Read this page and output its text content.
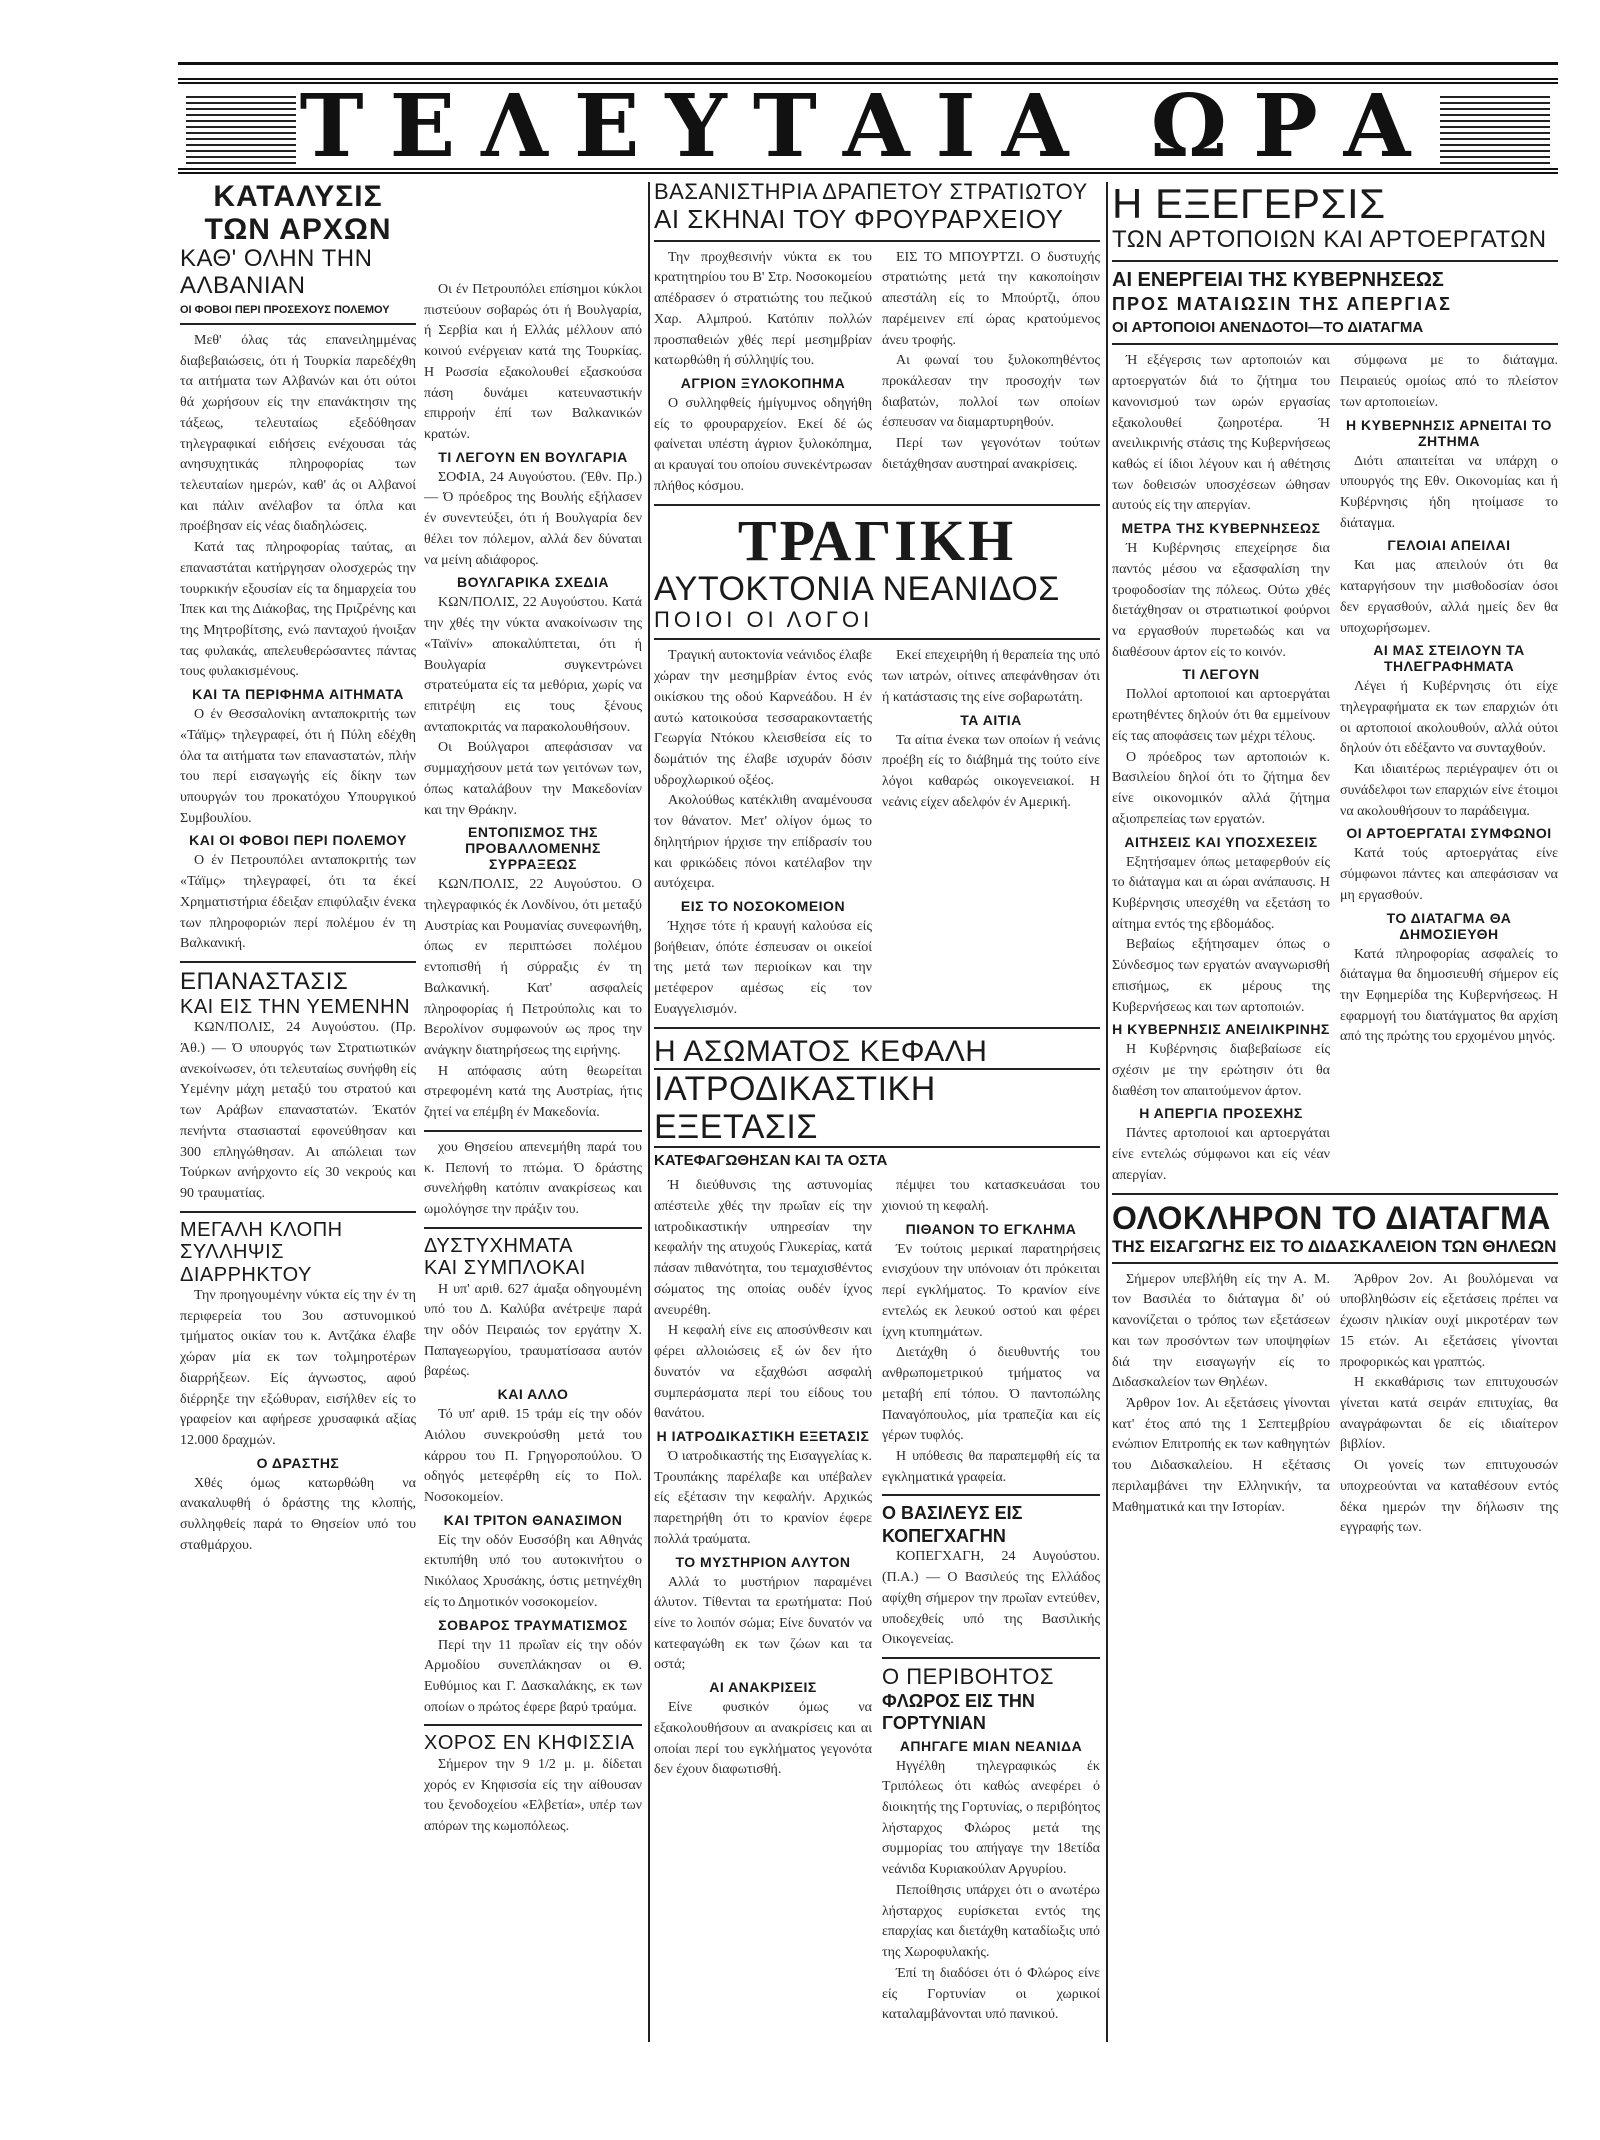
ΤΕΛΕΥΤΑΙΑ ΩΡΑ
ΚΑΤΑΛΥΣΙΣ ΤΩΝ ΑΡΧΩΝ
ΚΑΘ' ΟΛΗΝ ΤΗΝ ΑΛΒΑΝΙΑΝ
ΟΙ ΦΟΒΟΙ ΠΕΡΙ ΠΡΟΣΕΧΟΥΣ ΠΟΛΕΜΟΥ

Μεθ' όλας τάς επανειλημμένας διαβεβαιώσεις, ότι ή Τουρκία παρεδέχθη τα αιτήματα των Αλβανών και ότι ούτοι θά χωρήσουν είς την επανάκτησιν της τάξεως, τελευταίως εξεδόθησαν τηλεγραφικαί ειδήσεις ενέχουσαι τάς ανησυχητικάς πληροφορίας των τελευταίων ημερών, καθ' άς οι Αλβανοί και πάλιν ανέλαβον τα όπλα και προέβησαν είς νέας διαδηλώσεις.

Κατά τας πληροφορίας ταύτας, αι επαναστάται κατήργησαν ολοσχερώς την τουρκικήν εξουσίαν είς τα δημαρχεία του Ίπεκ και της Διάκοβας, της Πριζρένης και της Μητροβίτσης, ενώ πανταχού ήνοιξαν τας φυλακάς, απελευθερώσαντες πάντας τους φυλακισμένους.

ΚΑΙ ΤΑ ΠΕΡΙΦΗΜΑ ΑΙΤΗΜΑΤΑ

Ο έν Θεσσαλονίκη ανταποκριτής των «Τάϊμς» τηλεγραφεί, ότι ή Πύλη εδέχθη όλα τα αιτήματα των επαναστατών, πλήν του περί εισαγωγής είς δίκην των υπουργών του προκατόχου Υπουργικού Συμβουλίου.

ΚΑΙ ΟΙ ΦΟΒΟΙ ΠΕΡΙ ΠΟΛΕΜΟΥ

Ο έν Πετρουπόλει ανταποκριτής των «Τάϊμς» τηλεγραφεί, ότι τα έκεί Χρηματιστήρια έδειξαν επιφύλαξιν ένεκα των πληροφοριών περί πολέμου έν τη Βαλκανική.

ΕΠΑΝΑΣΤΑΣΙΣ
ΚΑΙ ΕΙΣ ΤΗΝ ΥΕΜΕΝΗΝ

ΚΩΝ/ΠΟΛΙΣ, 24 Αυγούστου. (Πρ. Άθ.) — Ό υπουργός των Στρατιωτικών ανεκοίνωσεν, ότι τελευταίως συνήφθη είς Υεμένην μάχη μεταξύ του στρατού και των Αράβων επαναστατών. Έκατόν πενήντα στασιασταί εφονεύθησαν και 300 επληγώθησαν. Αι απώλειαι των Τούρκων ανήρχοντο είς 30 νεκρούς και 90 τραυματίας.

ΜΕΓΑΛΗ ΚΛΟΠΗ
ΣΥΛΛΗΨΙΣ ΔΙΑΡΡΗΚΤΟΥ

Την προηγουμένην νύκτα είς την έν τη περιφερεία του 3ου αστυνομικού τμήματος οικίαν του κ. Αντζάκα έλαβε χώραν μία εκ των τολμηροτέρων διαρρήξεων. Είς άγνωστος, αφού διέρρηξε την εξώθυραν, εισήλθεν είς το γραφείον και αφήρεσε χρυσαφικά αξίας 12.000 δραχμών.

Ο ΔΡΑΣΤΗΣ

Χθές όμως κατωρθώθη να ανακαλυφθή ό δράστης της κλοπής, συλληφθείς παρά το Θησείον υπό του σταθμάρχου.

Οι έν Πετρουπόλει επίσημοι κύκλοι πιστεύουν σοβαρώς ότι ή Βουλγαρία, ή Σερβία και ή Ελλάς μέλλουν από κοινού ενέργειαν κατά της Τουρκίας. Η Ρωσσία εξακολουθεί εξασκούσα πάση δυνάμει κατευναστικήν επιρροήν έπί των Βαλκανικών κρατών.

ΤΙ ΛΕΓΟΥΝ ΕΝ ΒΟΥΛΓΑΡΙΑ

ΣΟΦΙΑ, 24 Αυγούστου. (Έθν. Πρ.) — Ό πρόεδρος της Βουλής εξήλασεν έν συνεντεύξει, ότι ή Βουλγαρία δεν θέλει τον πόλεμον, αλλά δεν δύναται να μείνη αδιάφορος.

ΒΟΥΛΓΑΡΙΚΑ ΣΧΕΔΙΑ

ΚΩΝ/ΠΟΛΙΣ, 22 Αυγούστου. Κατά την χθές την νύκτα ανακοίνωσιν της «Ταϊνίν» αποκαλύπτεται, ότι ή Βουλγαρία συγκεντρώνει στρατεύματα είς τα μεθόρια, χωρίς να επιτρέψη εις τους ξένους ανταποκριτάς να παρακολουθήσουν.

Οι Βούλγαροι απεφάσισαν να συμμαχήσουν μετά των γειτόνων των, όπως καταλάβουν την Μακεδονίαν και την Θράκην.

ΕΝΤΟΠΙΣΜΟΣ ΤΗΣ ΠΡΟΒΑΛΛΟΜΕΝΗΣ ΣΥΡΡΑΞΕΩΣ

ΚΩΝ/ΠΟΛΙΣ, 22 Αυγούστου. Ο τηλεγραφικός έκ Λονδίνου, ότι μεταξύ Αυστρίας και Ρουμανίας συνεφωνήθη, όπως εν περιπτώσει πολέμου εντοπισθή ή σύρραξις έν τη Βαλκανική. Κατ' ασφαλείς πληροφορίας ή Πετρούπολις και το Βερολίνον συμφωνούν ως προς την ανάγκην διατηρήσεως της ειρήνης.

Η απόφασις αύτη θεωρείται στρεφομένη κατά της Αυστρίας, ήτις ζητεί να επέμβη έν Μακεδονία.

χου Θησείου απενεμήθη παρά του κ. Πεπονή το πτώμα. Ό δράστης συνελήφθη κατόπιν ανακρίσεως και ωμολόγησε την πράξιν του.

ΔΥΣΤΥΧΗΜΑΤΑ
ΚΑΙ ΣΥΜΠΛΟΚΑΙ

Η υπ' αριθ. 627 άμαξα οδηγουμένη υπό του Δ. Καλύβα ανέτρεψε παρά την οδόν Πειραιώς τον εργάτην Χ. Παπαγεωργίου, τραυματίσασα αυτόν βαρέως.

ΚΑΙ ΑΛΛΟ

Τό υπ' αριθ. 15 τράμ είς την οδόν Αιόλου συνεκρούσθη μετά του κάρρου του Π. Γρηγοροπούλου. Ό οδηγός μετεφέρθη είς το Πολ. Νοσοκομείον.

ΚΑΙ ΤΡΙΤΟΝ ΘΑΝΑΣΙΜΟΝ

Είς την οδόν Ευσσόβη και Αθηνάς εκτυπήθη υπό του αυτοκινήτου ο Νικόλαος Χρυσάκης, όστις μετηνέχθη είς το Δημοτικόν νοσοκομείον.

ΣΟΒΑΡΟΣ ΤΡΑΥΜΑΤΙΣΜΟΣ

Περί την 11 πρωΐαν είς την οδόν Αρμοδίου συνεπλάκησαν οι Θ. Ευθύμιος και Γ. Δασκαλάκης, εκ των οποίων ο πρώτος έφερε βαρύ τραύμα.

ΧΟΡΟΣ ΕΝ ΚΗΦΙΣΣΙΑ

Σήμερον την 9 1/2 μ. μ. δίδεται χορός εν Κηφισσία είς την αίθουσαν του ξενοδοχείου «Ελβετία», υπέρ των απόρων της κωμοπόλεως.

ΒΑΣΑΝΙΣΤΗΡΙΑ ΔΡΑΠΕΤΟΥ ΣΤΡΑΤΙΩΤΟΥ
ΑΙ ΣΚΗΝΑΙ ΤΟΥ ΦΡΟΥΡΑΡΧΕΙΟΥ

Την προχθεσινήν νύκτα εκ του κρατητηρίου του Β' Στρ. Νοσοκομείου απέδρασεν ό στρατιώτης του πεζικού Χαρ. Αλμπρού. Κατόπιν πολλών προσπαθειών χθές περί μεσημβρίαν κατωρθώθη ή σύλληψίς του.

ΑΓΡΙΟΝ ΞΥΛΟΚΟΠΗΜΑ

Ο συλληφθείς ήμίγυμνος οδηγήθη είς το φρουραρχείον. Εκεί δέ ώς φαίνεται υπέστη άγριον ξυλοκόπημα, αι κραυγαί του οποίου συνεκέντρωσαν πλήθος κόσμου.

ΕΙΣ ΤΟ ΜΠΟΥΡΤΖΙ. Ο δυστυχής στρατιώτης μετά την κακοποίησιν απεστάλη είς το Μπούρτζι, όπου παρέμεινεν επί ώρας κρατούμενος άνευ τροφής.

Αι φωναί του ξυλοκοπηθέντος προκάλεσαν την προσοχήν των διαβατών, πολλοί των οποίων έσπευσαν να διαμαρτυρηθούν.

Περί των γεγονότων τούτων διετάχθησαν αυστηραί ανακρίσεις.

ΤΡΑΓΙΚΗ
ΑΥΤΟΚΤΟΝΙΑ ΝΕΑΝΙΔΟΣ
ΠΟΙΟΙ ΟΙ ΛΟΓΟΙ

Τραγική αυτοκτονία νεάνιδος έλαβε χώραν την μεσημβρίαν έντος ενός οικίσκου της οδού Καρνεάδου. Η έν αυτώ κατοικούσα τεσσαρακονταετής Γεωργία Ντόκου κλεισθείσα είς το δωμάτιόν της έλαβε ισχυράν δόσιν υδροχλωρικού οξέος.

Ακολούθως κατέκλιθη αναμένουσα τον θάνατον. Μετ' ολίγον όμως το δηλητήριον ήρχισε την επίδρασίν του και φρικώδεις πόνοι κατέλαβον την αυτόχειρα.

ΕΙΣ ΤΟ ΝΟΣΟΚΟΜΕΙΟΝ

Ήχησε τότε ή κραυγή καλούσα είς βοήθειαν, όπότε έσπευσαν οι οικείοί της μετά των περιοίκων και την μετέφερον αμέσως είς τον Ευαγγελισμόν.

Εκεί επεχειρήθη ή θεραπεία της υπό των ιατρών, οίτινες απεφάνθησαν ότι ή κατάστασις της είνε σοβαρωτάτη.

ΤΑ ΑΙΤΙΑ

Τα αίτια ένεκα των οποίων ή νεάνις προέβη είς το διάβημά της τούτο είνε λόγοι καθαρώς οικογενειακοί. Η νεάνις είχεν αδελφόν έν Αμερική.

Η ΑΣΩΜΑΤΟΣ ΚΕΦΑΛΗ
ΙΑΤΡΟΔΙΚΑΣΤΙΚΗ ΕΞΕΤΑΣΙΣ
ΚΑΤΕΦΑΓΩΘΗΣΑΝ ΚΑΙ ΤΑ ΟΣΤΑ

Ή διεύθυνσις της αστυνομίας απέστειλε χθές την πρωΐαν είς την ιατροδικαστικήν υπηρεσίαν την κεφαλήν της ατυχούς Γλυκερίας, κατά πάσαν πιθανότητα, του τεμαχισθέντος σώματος της οποίας ουδέν ίχνος ανευρέθη.

Η κεφαλή είνε εις αποσύνθεσιν και φέρει αλλοιώσεις εξ ών δεν ήτο δυνατόν να εξαχθώσι ασφαλή συμπεράσματα περί του είδους του θανάτου.

Η ΙΑΤΡΟΔΙΚΑΣΤΙΚΗ ΕΞΕΤΑΣΙΣ

Ό ιατροδικαστής της Εισαγγελίας κ. Τρουπάκης παρέλαβε και υπέβαλεν είς εξέτασιν την κεφαλήν. Αρχικώς παρετηρήθη ότι το κρανίον έφερε πολλά τραύματα.

ΤΟ ΜΥΣΤΗΡΙΟΝ ΑΛΥΤΟΝ

Αλλά το μυστήριον παραμένει άλυτον. Τίθενται τα ερωτήματα: Πού είνε το λοιπόν σώμα; Είνε δυνατόν να κατεφαγώθη εκ των ζώων και τα οστά;

ΑΙ ΑΝΑΚΡΙΣΕΙΣ

Είνε φυσικόν όμως να εξακολουθήσουν αι ανακρίσεις και αι οποίαι περί του εγκλήματος γεγονότα δεν έχουν διαφωτισθή.

πέμψει του κατασκευάσαι του χιονιού τη κεφαλή.

ΠΙΘΑΝΟΝ ΤΟ ΕΓΚΛΗΜΑ

Έν τούτοις μερικαί παρατηρήσεις ενισχύουν την υπόνοιαν ότι πρόκειται περί εγκλήματος. Το κρανίον είνε εντελώς εκ λευκού οστού και φέρει ίχνη κτυπημάτων.

Διετάχθη ό διευθυντής του ανθρωπομετρικού τμήματος να μεταβή επί τόπου. Ό παντοπώλης Παναγόπουλος, μία τραπεζία και είς γέρων τυφλός.

Η υπόθεσις θα παραπεμφθή είς τα εγκληματικά γραφεία.

Ο ΒΑΣΙΛΕΥΣ ΕΙΣ ΚΟΠΕΓΧΑΓΗΝ

ΚΟΠΕΓΧΑΓΗ, 24 Αυγούστου. (Π.Α.) — Ο Βασιλεύς της Ελλάδος αφίχθη σήμερον την πρωΐαν εντεύθεν, υποδεχθείς υπό της Βασιλικής Οικογενείας.

Ο ΠΕΡΙΒΟΗΤΟΣ
ΦΛΩΡΟΣ ΕΙΣ ΤΗΝ ΓΟΡΤΥΝΙΑΝ
ΑΠΗΓΑΓΕ ΜΙΑΝ ΝΕΑΝΙΔΑ

Ηγγέλθη τηλεγραφικώς έκ Τριπόλεως ότι καθώς ανεφέρει ό διοικητής της Γορτυνίας, ο περιβόητος λήσταρχος Φλώρος μετά της συμμορίας του απήγαγε την 18ετίδα νεάνιδα Κυριακούλαν Αργυρίου.

Πεποίθησις υπάρχει ότι ο ανωτέρω λήσταρχος ευρίσκεται εντός της επαρχίας και διετάχθη καταδίωξις υπό της Χωροφυλακής.

Έπί τη διαδόσει ότι ό Φλώρος είνε είς Γορτυνίαν οι χωρικοί καταλαμβάνονται υπό πανικού.

Η ΕΞΕΓΕΡΣΙΣ
ΤΩΝ ΑΡΤΟΠΟΙΩΝ ΚΑΙ ΑΡΤΟΕΡΓΑΤΩΝ
ΑΙ ΕΝΕΡΓΕΙΑΙ ΤΗΣ ΚΥΒΕΡΝΗΣΕΩΣ
ΠΡΟΣ ΜΑΤΑΙΩΣΙΝ ΤΗΣ ΑΠΕΡΓΙΑΣ
ΟΙ ΑΡΤΟΠΟΙΟΙ ΑΝΕΝΔΟΤΟΙ—ΤΟ ΔΙΑΤΑΓΜΑ

Ή εξέγερσις των αρτοποιών και αρτοεργατών διά το ζήτημα του κανονισμού των ωρών εργασίας εξακολουθεί ζωηροτέρα. Ή ανειλικρινής στάσις της Κυβερνήσεως καθώς εί ίδιοι λέγουν και ή αθέτησις των δοθεισών υποσχέσεων ώθησαν αυτούς είς την απεργίαν.

ΜΕΤΡΑ ΤΗΣ ΚΥΒΕΡΝΗΣΕΩΣ

Ή Κυβέρνησις επεχείρησε δια παντός μέσου να εξασφαλίση την τροφοδοσίαν της πόλεως. Ούτω χθές διετάχθησαν οι στρατιωτικοί φούρνοι να εργασθούν πυρετωδώς και να διαθέσουν άρτον είς το κοινόν.

ΤΙ ΛΕΓΟΥΝ

Πολλοί αρτοποιοί και αρτοεργάται ερωτηθέντες δηλούν ότι θα εμμείνουν είς τας αποφάσεις των μέχρι τέλους.

Ο πρόεδρος των αρτοποιών κ. Βασιλείου δηλοί ότι το ζήτημα δεν είνε οικονομικόν αλλά ζήτημα αξιοπρεπείας των εργατών.

ΑΙΤΗΣΕΙΣ ΚΑΙ ΥΠΟΣΧΕΣΕΙΣ

Εξητήσαμεν όπως μεταφερθούν είς το διάταγμα και αι ώραι ανάπαυσις. Η Κυβέρνησις υπεσχέθη να εξετάση το αίτημα εντός της εβδομάδος.

Βεβαίως εξήτησαμεν όπως ο Σύνδεσμος των εργατών αναγνωρισθή επισήμως, εκ μέρους της Κυβερνήσεως και των αρτοποιών.

Η ΚΥΒΕΡΝΗΣΙΣ ΑΝΕΙΛΙΚΡΙΝΗΣ

Η Κυβέρνησις διαβεβαίωσε είς σχέσιν με την ερώτησιν ότι θα διαθέση τον απαιτούμενον άρτον.

Η ΑΠΕΡΓΙΑ ΠΡΟΣΕΧΗΣ

Πάντες αρτοποιοί και αρτοεργάται είνε εντελώς σύμφωνοι και είς νέαν απεργίαν.

σύμφωνα με το διάταγμα. Πειραιεύς ομοίως από το πλείστον των αρτοποιείων.

Η ΚΥΒΕΡΝΗΣΙΣ ΑΡΝΕΙΤΑΙ ΤΟ ΖΗΤΗΜΑ

Διότι απαιτείται να υπάρχη ο υπουργός της Εθν. Οικονομίας και ή Κυβέρνησις ήδη ητοίμασε το διάταγμα.

ΓΕΛΟΙΑΙ ΑΠΕΙΛΑΙ

Και μας απειλούν ότι θα καταργήσουν την μισθοδοσίαν όσοι δεν εργασθούν, αλλά ημείς δεν θα υποχωρήσωμεν.

ΑΙ ΜΑΣ ΣΤΕΙΛΟΥΝ ΤΑ ΤΗΛΕΓΡΑΦΗΜΑΤΑ

Λέγει ή Κυβέρνησις ότι είχε τηλεγραφήματα εκ των επαρχιών ότι οι αρτοποιοί ακολουθούν, αλλά ούτοι δηλούν ότι εδέξαντο να συνταχθούν.

Και ιδιαιτέρως περιέγραψεν ότι οι συνάδελφοι των επαρχιών είνε έτοιμοι να ακολουθήσουν το παράδειγμα.

ΟΙ ΑΡΤΟΕΡΓΑΤΑΙ ΣΥΜΦΩΝΟΙ

Κατά τούς αρτοεργάτας είνε σύμφωνοι πάντες και απεφάσισαν να μη εργασθούν.

ΤΟ ΔΙΑΤΑΓΜΑ ΘΑ ΔΗΜΟΣΙΕΥΘΗ

Κατά πληροφορίας ασφαλείς το διάταγμα θα δημοσιευθή σήμερον είς την Εφημερίδα της Κυβερνήσεως. Η εφαρμογή του διατάγματος θα αρχίση από της πρώτης του ερχομένου μηνός.

ΟΛΟΚΛΗΡΟΝ ΤΟ ΔΙΑΤΑΓΜΑ
ΤΗΣ ΕΙΣΑΓΩΓΗΣ ΕΙΣ ΤΟ ΔΙΔΑΣΚΑΛΕΙΟΝ ΤΩΝ ΘΗΛΕΩΝ

Σήμερον υπεβλήθη είς την Α. Μ. τον Βασιλέα το διάταγμα δι' ού κανονίζεται ο τρόπος των εξετάσεων και των προσόντων των υποψηφίων διά την εισαγωγήν είς το Διδασκαλείον των Θηλέων.

Άρθρον 1ον. Αι εξετάσεις γίνονται κατ' έτος από της 1 Σεπτεμβρίου ενώπιον Επιτροπής εκ των καθηγητών του Διδασκαλείου. Η εξέτασις περιλαμβάνει την Ελληνικήν, τα Μαθηματικά και την Ιστορίαν.

Άρθρον 2ον. Αι βουλόμεναι να υποβληθώσιν είς εξετάσεις πρέπει να έχωσιν ηλικίαν ουχί μικροτέραν των 15 ετών. Αι εξετάσεις γίνονται προφορικώς και γραπτώς.

Η εκκαθάρισις των επιτυχουσών γίνεται κατά σειράν επιτυχίας, θα αναγράφωνται δε είς ιδιαίτερον βιβλίον.

Οι γονείς των επιτυχουσών υποχρεούνται να καταθέσουν εντός δέκα ημερών την δήλωσιν της εγγραφής των.
